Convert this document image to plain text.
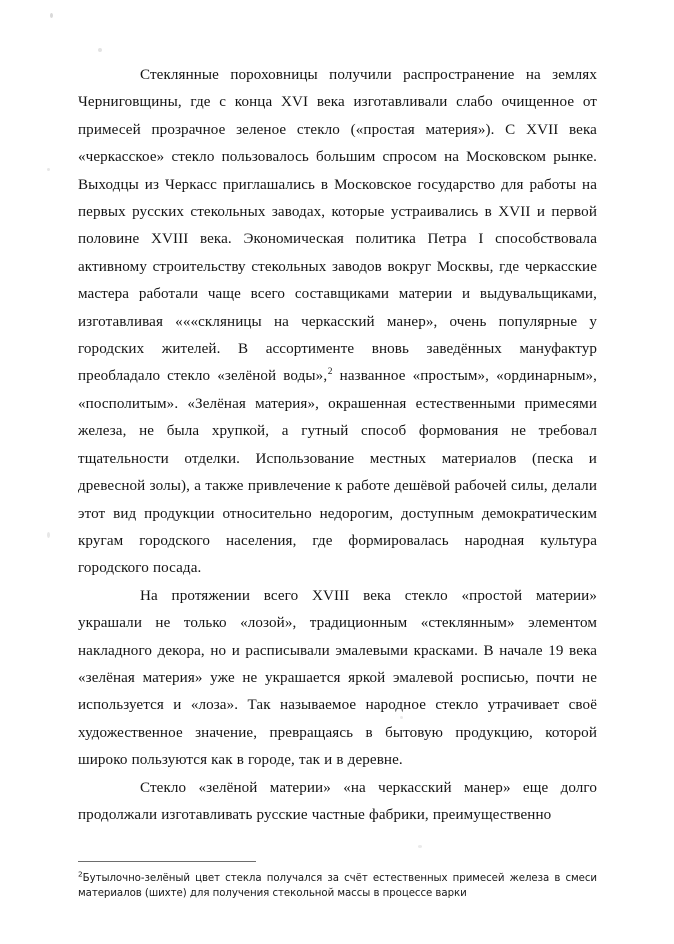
Стеклянные пороховницы получили распространение на землях Черниговщины, где с конца XVI века изготавливали слабо очищенное от примесей прозрачное зеленое стекло («простая материя»). С XVII века «черкасское» стекло пользовалось большим спросом на Московском рынке. Выходцы из Черкасс приглашались в Московское государство для работы на первых русских стекольных заводах, которые устраивались в XVII и первой половине XVIII века. Экономическая политика Петра I способствовала активному строительству стекольных заводов вокруг Москвы, где черкасские мастера работали чаще всего составщиками материи и выдувальщиками, изготавливая «««скляницы на черкасский манер», очень популярные у городских жителей. В ассортименте вновь заведённых мануфактур преобладало стекло «зелёной воды»,$^2$ названное «простым», «ординарным», «посполитым». «Зелёная материя», окрашенная естественными примесями железа, не была хрупкой, а гутный способ формования не требовал тщательности отделки. Использование местных материалов (песка и древесной золы), а также привлечение к работе дешёвой рабочей силы, делали этот вид продукции относительно недорогим, доступным демократическим кругам городского населения, где формировалась народная культура городского посада.

На протяжении всего XVIII века стекло «простой материи» украшали не только «лозой», традиционным «стеклянным» элементом накладного декора, но и расписывали эмалевыми красками. В начале 19 века «зелёная материя» уже не украшается яркой эмалевой росписью, почти не используется и «лоза». Так называемое народное стекло утрачивает своё художественное значение, превращаясь в бытовую продукцию, которой широко пользуются как в городе, так и в деревне.

Стекло «зелёной материи» «на черкасский манер» еще долго продолжали изготавливать русские частные фабрики, преимущественно

$^2$Бутылочно-зелёный цвет стекла получался за счёт естественных примесей железа в смеси материалов (шихте) для получения стекольной массы в процессе варки
